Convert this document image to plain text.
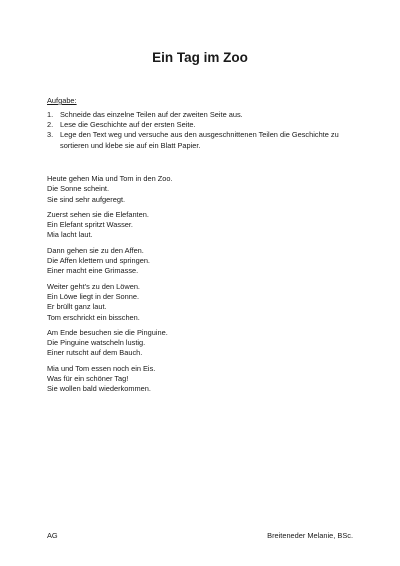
Ein Tag im Zoo
Aufgabe:
1. Schneide das einzelne Teilen auf der zweiten Seite aus.
2. Lese die Geschichte auf der ersten Seite.
3. Lege den Text weg und versuche aus den ausgeschnittenen Teilen die Geschichte zu sortieren und klebe sie auf ein Blatt Papier.

Heute gehen Mia und Tom in den Zoo.
Die Sonne scheint.
Sie sind sehr aufgeregt.

Zuerst sehen sie die Elefanten.
Ein Elefant spritzt Wasser.
Mia lacht laut.

Dann gehen sie zu den Affen.
Die Affen klettern und springen.
Einer macht eine Grimasse.

Weiter geht’s zu den Löwen.
Ein Löwe liegt in der Sonne.
Er brüllt ganz laut.
Tom erschrickt ein bisschen.

Am Ende besuchen sie die Pinguine.
Die Pinguine watscheln lustig.
Einer rutscht auf dem Bauch.

Mia und Tom essen noch ein Eis.
Was für ein schöner Tag!
Sie wollen bald wiederkommen.

AG	Breiteneder Melanie, BSc.
